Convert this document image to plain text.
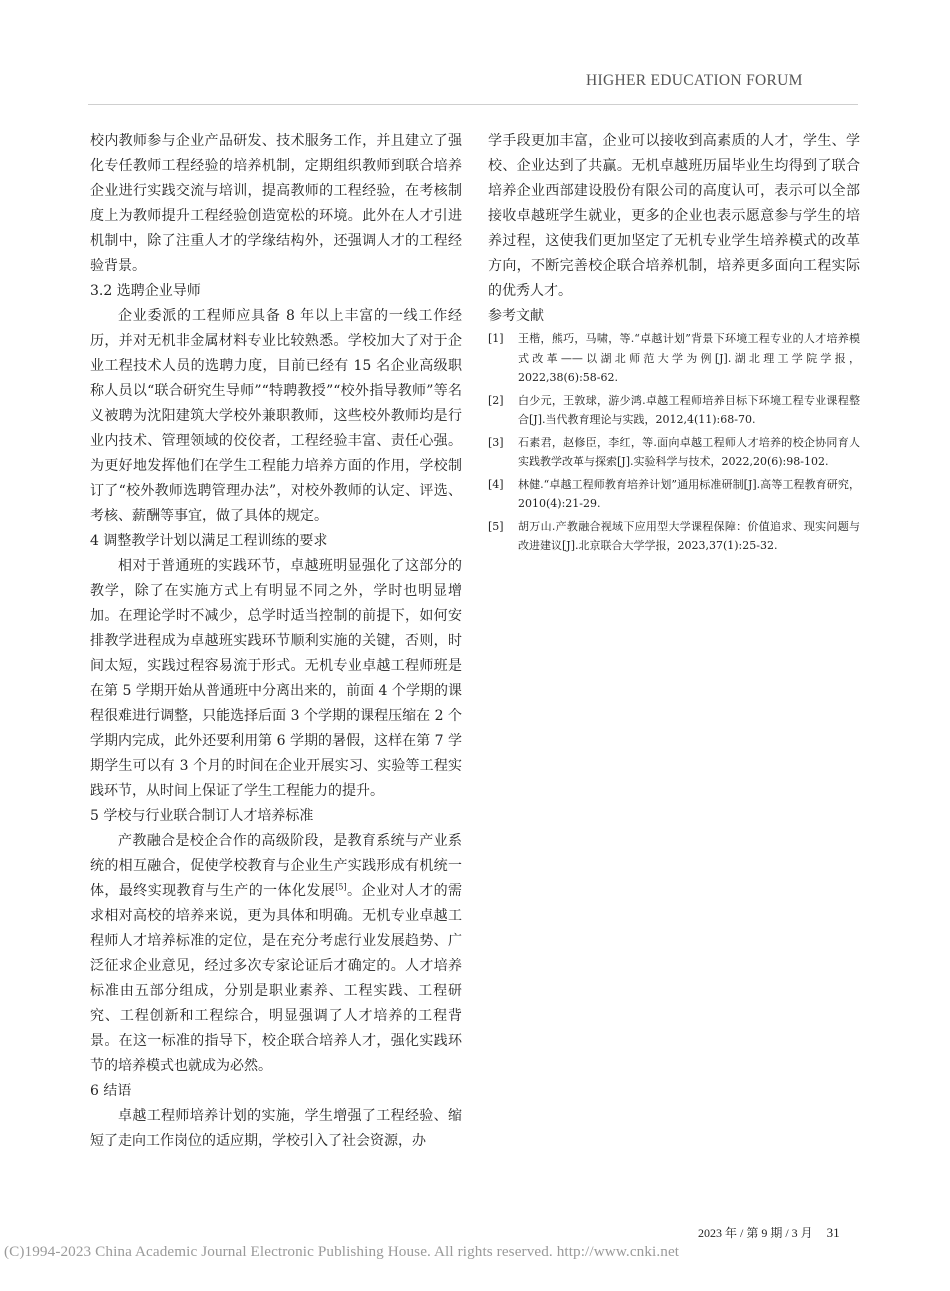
HIGHER EDUCATION FORUM

校内教师参与企业产品研发、技术服务工作，并且建立了强化专任教师工程经验的培养机制，定期组织教师到联合培养企业进行实践交流与培训，提高教师的工程经验，在考核制度上为教师提升工程经验创造宽松的环境。此外在人才引进机制中，除了注重人才的学缘结构外，还强调人才的工程经验背景。

3.2 选聘企业导师

企业委派的工程师应具备 8 年以上丰富的一线工作经历，并对无机非金属材料专业比较熟悉。学校加大了对于企业工程技术人员的选聘力度，目前已经有 15 名企业高级职称人员以“联合研究生导师”“特聘教授”“校外指导教师”等名义被聘为沈阳建筑大学校外兼职教师，这些校外教师均是行业内技术、管理领域的佼佼者，工程经验丰富、责任心强。为更好地发挥他们在学生工程能力培养方面的作用，学校制订了“校外教师选聘管理办法”，对校外教师的认定、评选、考核、薪酬等事宜，做了具体的规定。

4 调整教学计划以满足工程训练的要求

相对于普通班的实践环节，卓越班明显强化了这部分的教学，除了在实施方式上有明显不同之外，学时也明显增加。在理论学时不减少，总学时适当控制的前提下，如何安排教学进程成为卓越班实践环节顺利实施的关键，否则，时间太短，实践过程容易流于形式。无机专业卓越工程师班是在第 5 学期开始从普通班中分离出来的，前面 4 个学期的课程很难进行调整，只能选择后面 3 个学期的课程压缩在 2 个学期内完成，此外还要利用第 6 学期的暑假，这样在第 7 学期学生可以有 3 个月的时间在企业开展实习、实验等工程实践环节，从时间上保证了学生工程能力的提升。

5 学校与行业联合制订人才培养标准

产教融合是校企合作的高级阶段，是教育系统与产业系统的相互融合，促使学校教育与企业生产实践形成有机统一体，最终实现教育与生产的一体化发展[5]。企业对人才的需求相对高校的培养来说，更为具体和明确。无机专业卓越工程师人才培养标准的定位，是在充分考虑行业发展趋势、广泛征求企业意见，经过多次专家论证后才确定的。人才培养标准由五部分组成，分别是职业素养、工程实践、工程研究、工程创新和工程综合，明显强调了人才培养的工程背景。在这一标准的指导下，校企联合培养人才，强化实践环节的培养模式也就成为必然。

6 结语

卓越工程师培养计划的实施，学生增强了工程经验、缩短了走向工作岗位的适应期，学校引入了社会资源，办

学手段更加丰富，企业可以接收到高素质的人才，学生、学校、企业达到了共赢。无机卓越班历届毕业生均得到了联合培养企业西部建设股份有限公司的高度认可，表示可以全部接收卓越班学生就业，更多的企业也表示愿意参与学生的培养过程，这使我们更加坚定了无机专业学生培养模式的改革方向，不断完善校企联合培养机制，培养更多面向工程实际的优秀人才。

参考文献
[1]	王楷，熊巧，马啸，等.“卓越计划”背景下环境工程专业的人才培养模式改革——以湖北师范大学为例[J].湖北理工学院学报，2022,38(6):58-62.
[2]	白少元，王敦球，游少鸿.卓越工程师培养目标下环境工程专业课程整合[J].当代教育理论与实践，2012,4(11):68-70.
[3]	石素君，赵修臣，李红，等.面向卓越工程师人才培养的校企协同育人实践教学改革与探索[J].实验科学与技术，2022,20(6):98-102.
[4]	林健.“卓越工程师教育培养计划”通用标准研制[J].高等工程教育研究，2010(4):21-29.
[5]	胡万山.产教融合视域下应用型大学课程保障：价值追求、现实问题与改进建议[J].北京联合大学学报，2023,37(1):25-32.
2023 年 / 第 9 期 / 3 月 31
(C)1994-2023 China Academic Journal Electronic Publishing House. All rights reserved. http://www.cnki.net
